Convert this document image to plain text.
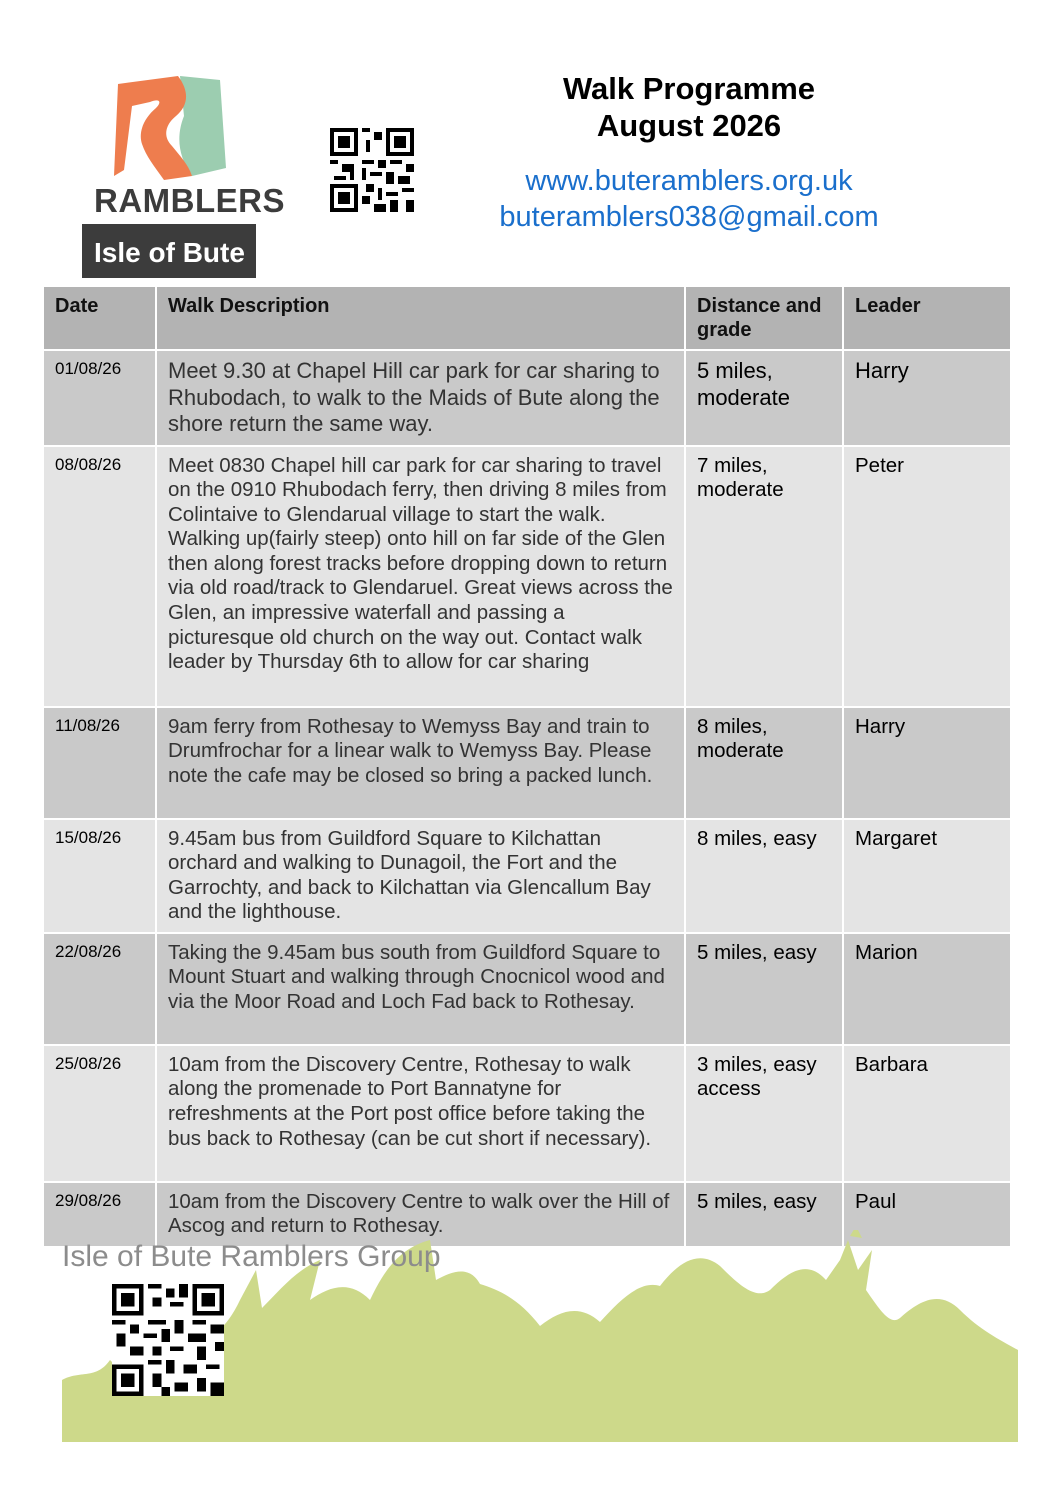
RAMBLERS
Isle of Bute
Walk Programme
August 2026
www.buteramblers.org.uk
buteramblers038@gmail.com
Date	Walk Description	Distance and grade	Leader
01/08/26	Meet 9.30 at Chapel Hill car park for car sharing to Rhubodach, to walk to the Maids of Bute along the shore return the same way.	5 miles, moderate	Harry
08/08/26	Meet 0830 Chapel hill car park for car sharing to travel on the 0910 Rhubodach ferry, then driving 8 miles from Colintaive to Glendarual village to start the walk. Walking up(fairly steep) onto hill on far side of the Glen then along forest tracks before dropping down to return via old road/track to Glendaruel. Great views across the Glen, an impressive waterfall and passing a picturesque old church on the way out. Contact walk leader by Thursday 6th to allow for car sharing	7 miles, moderate	Peter
11/08/26	9am ferry from Rothesay to Wemyss Bay and train to Drumfrochar for a linear walk to Wemyss Bay. Please note the cafe may be closed so bring a packed lunch.	8 miles, moderate	Harry
15/08/26	9.45am bus from Guildford Square to Kilchattan orchard and walking to Dunagoil, the Fort and the Garrochty, and back to Kilchattan via Glencallum Bay and the lighthouse.	8 miles, easy	Margaret
22/08/26	Taking the 9.45am bus south from Guildford Square to Mount Stuart and walking through Cnocnicol wood and via the Moor Road and Loch Fad back to Rothesay.	5 miles, easy	Marion
25/08/26	10am from the Discovery Centre, Rothesay to walk along the promenade to Port Bannatyne for refreshments at the Port post office before taking the bus back to Rothesay (can be cut short if necessary).	3 miles, easy access	Barbara
29/08/26	10am from the Discovery Centre to walk over the Hill of Ascog and return to Rothesay.	5 miles, easy	Paul
Isle of Bute Ramblers Group
